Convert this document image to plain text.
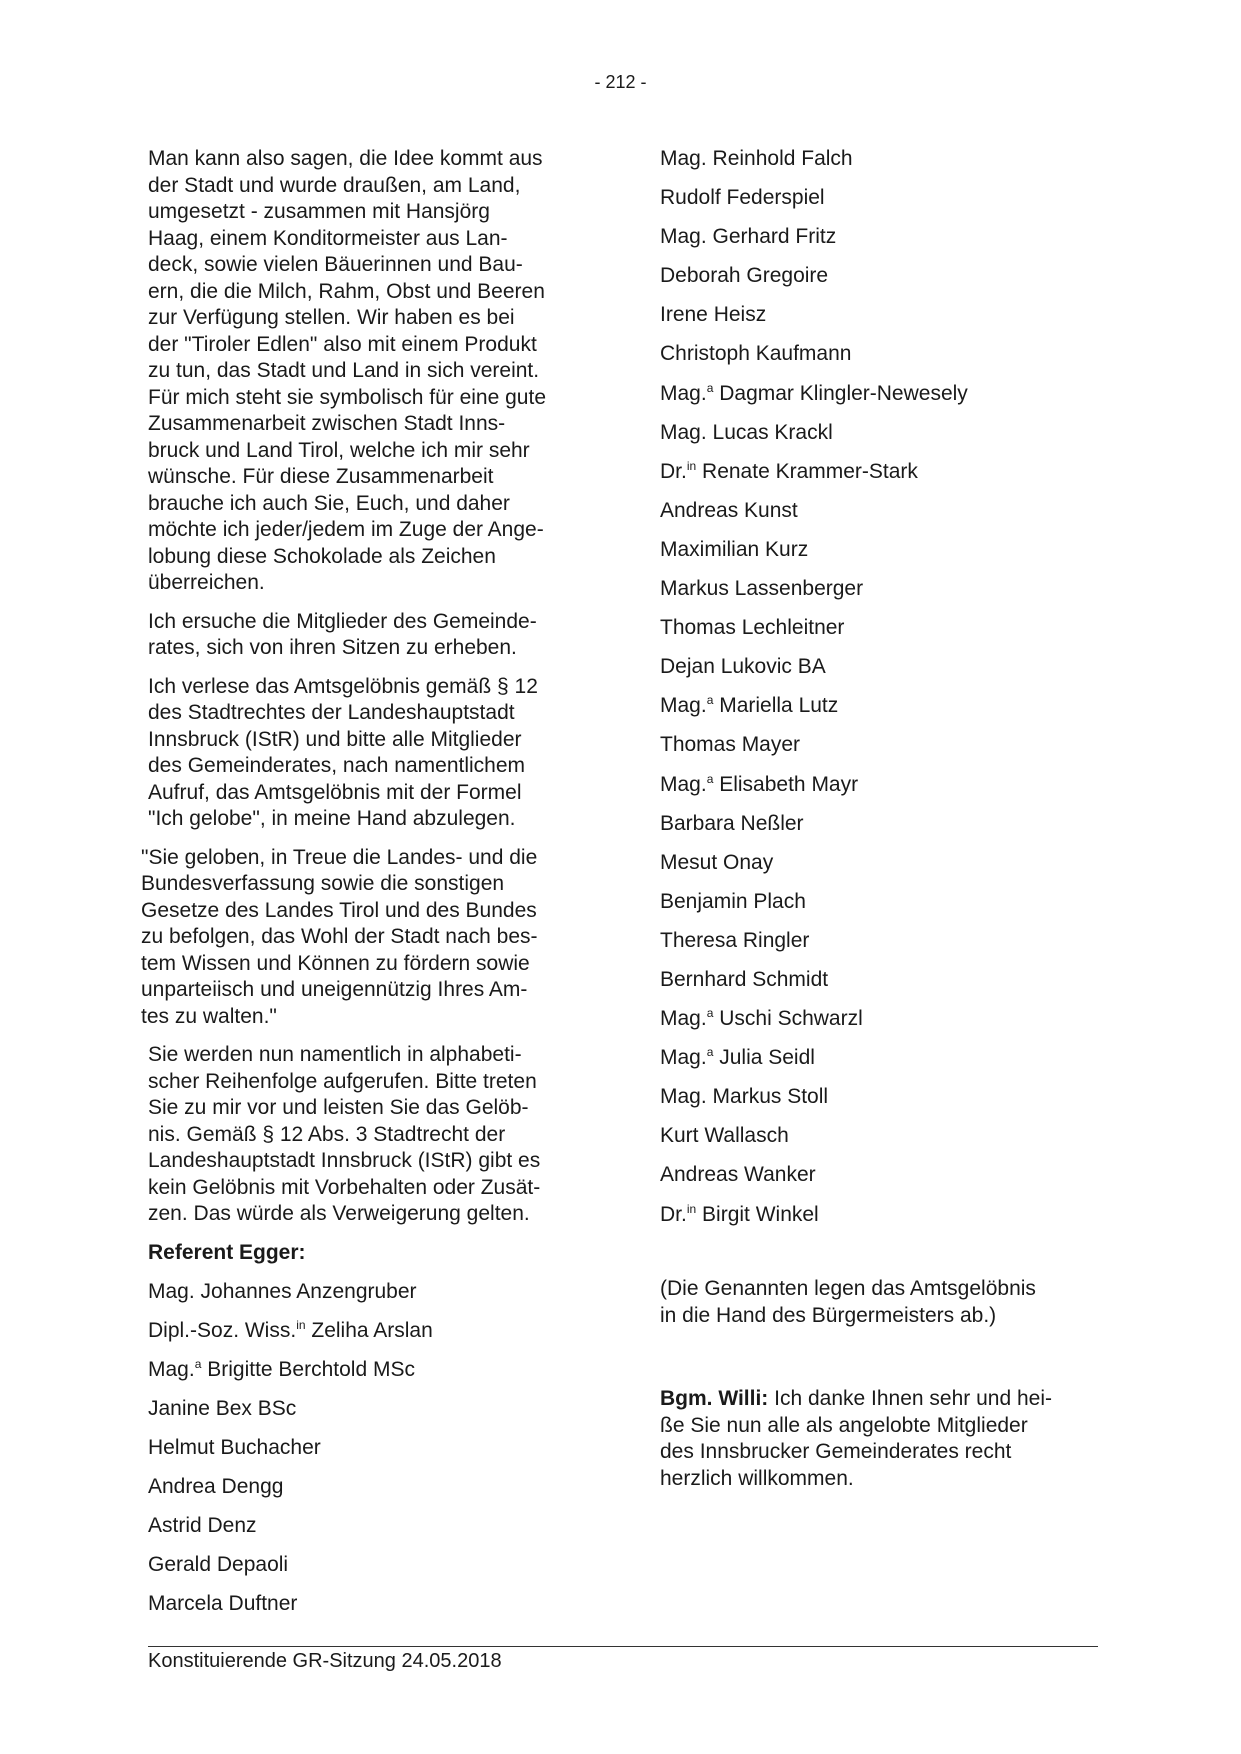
- 212 -
Man kann also sagen, die Idee kommt aus
der Stadt und wurde draußen, am Land,
umgesetzt - zusammen mit Hansjörg
Haag, einem Konditormeister aus Lan-
deck, sowie vielen Bäuerinnen und Bau-
ern, die die Milch, Rahm, Obst und Beeren
zur Verfügung stellen. Wir haben es bei
der "Tiroler Edlen" also mit einem Produkt
zu tun, das Stadt und Land in sich vereint.
Für mich steht sie symbolisch für eine gute
Zusammenarbeit zwischen Stadt Inns-
bruck und Land Tirol, welche ich mir sehr
wünsche. Für diese Zusammenarbeit
brauche ich auch Sie, Euch, und daher
möchte ich jeder/jedem im Zuge der Ange-
lobung diese Schokolade als Zeichen
überreichen.
Ich ersuche die Mitglieder des Gemeinde-
rates, sich von ihren Sitzen zu erheben.
Ich verlese das Amtsgelöbnis gemäß § 12
des Stadtrechtes der Landeshauptstadt
Innsbruck (IStR) und bitte alle Mitglieder
des Gemeinderates, nach namentlichem
Aufruf, das Amtsgelöbnis mit der Formel
"Ich gelobe", in meine Hand abzulegen.
"Sie geloben, in Treue die Landes- und die
Bundesverfassung sowie die sonstigen
Gesetze des Landes Tirol und des Bundes
zu befolgen, das Wohl der Stadt nach bes-
tem Wissen und Können zu fördern sowie
unparteiisch und uneigennützig Ihres Am-
tes zu walten."
Sie werden nun namentlich in alphabeti-
scher Reihenfolge aufgerufen. Bitte treten
Sie zu mir vor und leisten Sie das Gelöb-
nis. Gemäß § 12 Abs. 3 Stadtrecht der
Landeshauptstadt Innsbruck (IStR) gibt es
kein Gelöbnis mit Vorbehalten oder Zusät-
zen. Das würde als Verweigerung gelten.
Referent Egger:
Mag. Johannes Anzengruber
Dipl.-Soz. Wiss.$^{in}$ Zeliha Arslan
Mag.$^a$ Brigitte Berchtold MSc
Janine Bex BSc
Helmut Buchacher
Andrea Dengg
Astrid Denz
Gerald Depaoli
Marcela Duftner
Mag. Reinhold Falch
Rudolf Federspiel
Mag. Gerhard Fritz
Deborah Gregoire
Irene Heisz
Christoph Kaufmann
Mag.$^a$ Dagmar Klingler-Newesely
Mag. Lucas Krackl
Dr.$^{in}$ Renate Krammer-Stark
Andreas Kunst
Maximilian Kurz
Markus Lassenberger
Thomas Lechleitner
Dejan Lukovic BA
Mag.$^a$ Mariella Lutz
Thomas Mayer
Mag.$^a$ Elisabeth Mayr
Barbara Neßler
Mesut Onay
Benjamin Plach
Theresa Ringler
Bernhard Schmidt
Mag.$^a$ Uschi Schwarzl
Mag.$^a$ Julia Seidl
Mag. Markus Stoll
Kurt Wallasch
Andreas Wanker
Dr.$^{in}$ Birgit Winkel
(Die Genannten legen das Amtsgelöbnis
in die Hand des Bürgermeisters ab.)
Bgm. Willi: Ich danke Ihnen sehr und hei-
ße Sie nun alle als angelobte Mitglieder
des Innsbrucker Gemeinderates recht
herzlich willkommen.
Konstituierende GR-Sitzung 24.05.2018
